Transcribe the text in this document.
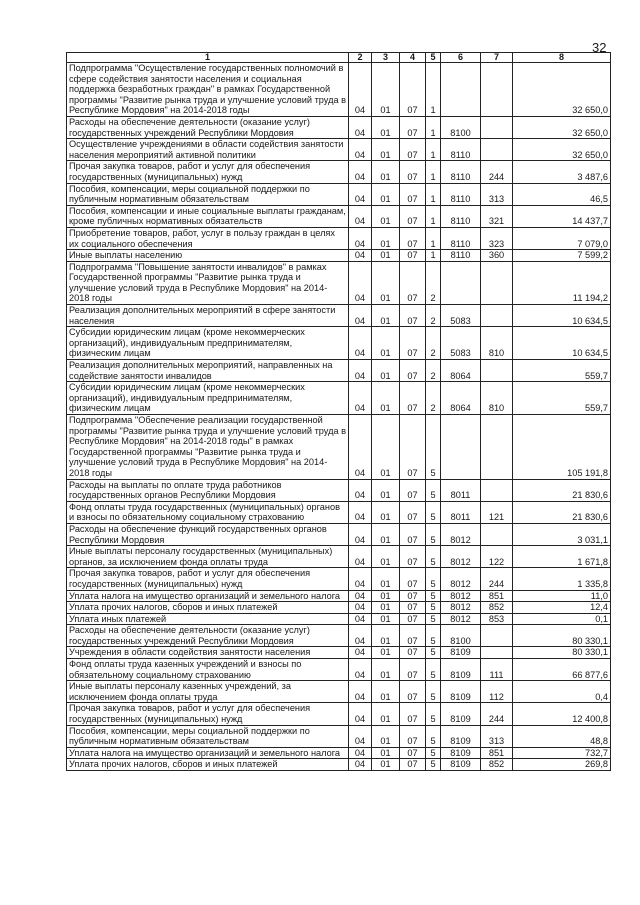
32
1	2	3	4	5	6	7	8
Подпрограмма "Осуществление государственных полномочий в сфере содействия занятости населения и социальная поддержка безработных граждан" в рамках Государственной программы "Развитие рынка труда и улучшение условий труда в Республике Мордовия" на 2014-2018 годы	04	01	07	1			32 650,0
Расходы на обеспечение деятельности (оказание услуг) государственных учреждений Республики Мордовия	04	01	07	1	8100		32 650,0
Осуществление учреждениями в области содействия занятости населения мероприятий активной политики	04	01	07	1	8110		32 650,0
Прочая закупка товаров, работ и услуг для обеспечения государственных (муниципальных) нужд	04	01	07	1	8110	244	3 487,6
Пособия, компенсации, меры социальной поддержки по публичным нормативным обязательствам	04	01	07	1	8110	313	46,5
Пособия, компенсации и иные социальные выплаты гражданам, кроме публичных нормативных обязательств	04	01	07	1	8110	321	14 437,7
Приобретение товаров, работ, услуг в пользу граждан в целях их социального обеспечения	04	01	07	1	8110	323	7 079,0
Иные выплаты населению	04	01	07	1	8110	360	7 599,2
Подпрограмма "Повышение занятости инвалидов" в рамках Государственной программы "Развитие рынка труда и улучшение условий труда в Республике Мордовия" на 2014-2018 годы	04	01	07	2			11 194,2
Реализация дополнительных мероприятий в сфере занятости населения	04	01	07	2	5083		10 634,5
Субсидии юридическим лицам (кроме некоммерческих организаций), индивидуальным предпринимателям, физическим лицам	04	01	07	2	5083	810	10 634,5
Реализация дополнительных мероприятий, направленных на содействие занятости инвалидов	04	01	07	2	8064		559,7
Субсидии юридическим лицам (кроме некоммерческих организаций), индивидуальным предпринимателям, физическим лицам	04	01	07	2	8064	810	559,7
Подпрограмма "Обеспечение реализации государственной программы "Развитие рынка труда и улучшение условий труда в Республике Мордовия" на 2014-2018 годы" в рамках Государственной программы "Развитие рынка труда и улучшение условий труда в Республике Мордовия" на 2014-2018 годы	04	01	07	5			105 191,8
Расходы на выплаты по оплате труда работников государственных органов Республики Мордовия	04	01	07	5	8011		21 830,6
Фонд оплаты труда государственных (муниципальных) органов и взносы по обязательному социальному страхованию	04	01	07	5	8011	121	21 830,6
Расходы на обеспечение функций государственных органов Республики Мордовия	04	01	07	5	8012		3 031,1
Иные выплаты персоналу государственных (муниципальных) органов, за исключением фонда оплаты труда	04	01	07	5	8012	122	1 671,8
Прочая закупка товаров, работ и услуг для обеспечения государственных (муниципальных) нужд	04	01	07	5	8012	244	1 335,8
Уплата налога на имущество организаций и земельного налога	04	01	07	5	8012	851	11,0
Уплата прочих налогов, сборов и иных платежей	04	01	07	5	8012	852	12,4
Уплата иных платежей	04	01	07	5	8012	853	0,1
Расходы на обеспечение деятельности (оказание услуг) государственных учреждений Республики Мордовия	04	01	07	5	8100		80 330,1
Учреждения в области содействия занятости населения	04	01	07	5	8109		80 330,1
Фонд оплаты труда казенных учреждений и взносы по обязательному социальному страхованию	04	01	07	5	8109	111	66 877,6
Иные выплаты персоналу казенных учреждений, за исключением фонда оплаты труда	04	01	07	5	8109	112	0,4
Прочая закупка товаров, работ и услуг для обеспечения государственных (муниципальных) нужд	04	01	07	5	8109	244	12 400,8
Пособия, компенсации, меры социальной поддержки по публичным нормативным обязательствам	04	01	07	5	8109	313	48,8
Уплата налога на имущество организаций и земельного налога	04	01	07	5	8109	851	732,7
Уплата прочих налогов, сборов и иных платежей	04	01	07	5	8109	852	269,8
